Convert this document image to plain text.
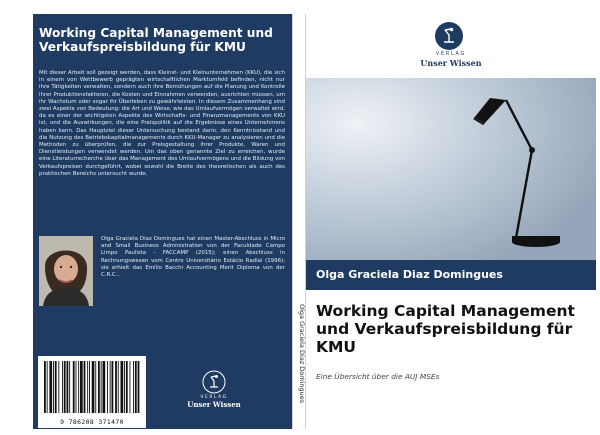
Working Capital Management und Verkaufspreisbildung für KMU
Mit dieser Arbeit soll gezeigt werden, dass Kleinst- und Kleinunternehmen (KKU), die sich in einem von Wettbewerb geprägten wirtschaftlichen Marktumfeld befinden, nicht nur ihre Tätigkeiten verwalten, sondern auch ihre Bemühungen auf die Planung und Kontrolle ihrer Produktionsfaktoren, die Kosten und Einnahmen verwenden, ausrichten müssen, um ihr Wachstum oder sogar ihr Überleben zu gewährleisten. In diesem Zusammenhang sind zwei Aspekte von Bedeutung: die Art und Weise, wie das Umlaufvermögen verwaltet wird, da es einer der wichtigsten Aspekte des Wirtschafts- und Finanzmanagements von KKU ist, und die Auswirkungen, die eine Preispolitik auf die Ergebnisse eines Unternehmens haben kann. Das Hauptziel dieser Untersuchung bestand darin, den Kenntnisstand und die Nutzung des Betriebskapitalmanagements durch KKU-Manager zu analysieren und die Methoden zu überprüfen, die zur Preisgestaltung ihrer Produkte, Waren und Dienstleistungen verwendet werden. Um das oben genannte Ziel zu erreichen, wurde eine Literaturrecherche über das Management des Umlaufvermögens und die Bildung von Verkaufspreisen durchgeführt, wobei sowohl die Breite des theoretischen als auch des praktischen Bereichs untersucht wurde.
Olga Graciela Diaz Domingues hat einen Master-Abschluss in Micro and Small Business Administration von der Faculdade Campo Limpo Paulista - FACCAMP (2015); einen Abschluss in Rechnungswesen vom Centro Universitário Estácio Radial (1996); sie erhielt das Emílio Bacchi Accounting Merit Diploma von der C.R.C..
9 786208 371470
VERLAG
Unser Wissen
Olga Graciela Diaz Domingues
VERLAG
Unser Wissen
Olga Graciela Diaz Domingues
Working Capital Management und Verkaufspreisbildung für KMU
Eine Übersicht über die AUJ MSEs
